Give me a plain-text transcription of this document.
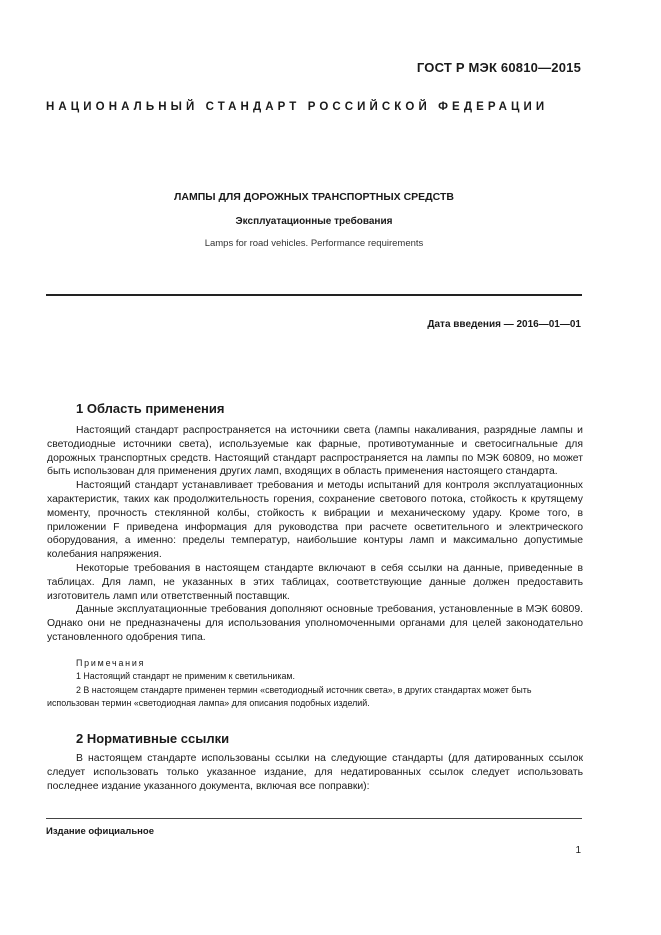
ГОСТ Р МЭК 60810—2015
НАЦИОНАЛЬНЫЙ СТАНДАРТ РОССИЙСКОЙ ФЕДЕРАЦИИ
ЛАМПЫ ДЛЯ ДОРОЖНЫХ ТРАНСПОРТНЫХ СРЕДСТВ
Эксплуатационные требования
Lamps for road vehicles. Performance requirements
Дата введения — 2016—01—01
1 Область применения

Настоящий стандарт распространяется на источники света (лампы накаливания, разрядные лампы и светодиодные источники света), используемые как фарные, противотуманные и светосигнальные для дорожных транспортных средств. Настоящий стандарт распространяется на лампы по МЭК 60809, но может быть использован для применения других ламп, входящих в область применения настоящего стандарта.

Настоящий стандарт устанавливает требования и методы испытаний для контроля эксплуатационных характеристик, таких как продолжительность горения, сохранение светового потока, стойкость к крутящему моменту, прочность стеклянной колбы, стойкость к вибрации и механическому удару. Кроме того, в приложении F приведена информация для руководства при расчете осветительного и электрического оборудования, а именно: пределы температур, наибольшие контуры ламп и максимально допустимые колебания напряжения.

Некоторые требования в настоящем стандарте включают в себя ссылки на данные, приведенные в таблицах. Для ламп, не указанных в этих таблицах, соответствующие данные должен предоставить изготовитель ламп или ответственный поставщик.

Данные эксплуатационные требования дополняют основные требования, установленные в МЭК 60809. Однако они не предназначены для использования уполномоченными органами для целей законодательно установленного одобрения типа.

Примечания
1 Настоящий стандарт не применим к светильникам.
2 В настоящем стандарте применен термин «светодиодный источник света», в других стандартах может быть
использован термин «светодиодная лампа» для описания подобных изделий.
2 Нормативные ссылки

В настоящем стандарте использованы ссылки на следующие стандарты (для датированных ссылок следует использовать только указанное издание, для недатированных ссылок следует использовать последнее издание указанного документа, включая все поправки):

Издание официальное
1
